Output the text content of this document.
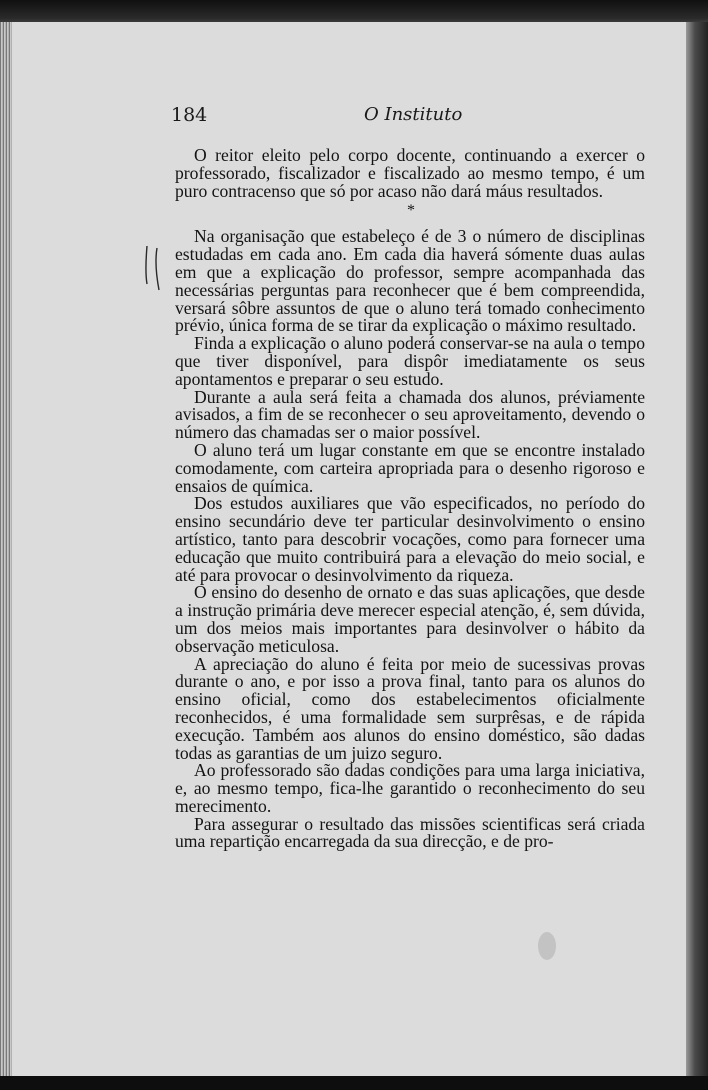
184	O Instituto

O reitor eleito pelo corpo docente, continuando a exercer o professorado, fiscalizador e fiscalizado ao mesmo tempo, é um puro contracenso que só por acaso não dará máus resultados.

*

Na organisação que estabeleço é de 3 o número de disciplinas estudadas em cada ano. Em cada dia haverá sómente duas aulas em que a explicação do professor, sempre acompanhada das necessárias perguntas para reconhecer que é bem compreendida, versará sôbre assuntos de que o aluno terá tomado conhecimento prévio, única forma de se tirar da explicação o máximo resultado.

Finda a explicação o aluno poderá conservar-se na aula o tempo que tiver disponível, para dispôr imediatamente os seus apontamentos e preparar o seu estudo.

Durante a aula será feita a chamada dos alunos, préviamente avisados, a fim de se reconhecer o seu aproveitamento, devendo o número das chamadas ser o maior possível.

O aluno terá um lugar constante em que se encontre instalado comodamente, com carteira apropriada para o desenho rigoroso e ensaios de química.

Dos estudos auxiliares que vão especificados, no período do ensino secundário deve ter particular desinvolvimento o ensino artístico, tanto para descobrir vocações, como para fornecer uma educação que muito contribuirá para a elevação do meio social, e até para provocar o desinvolvimento da riqueza.

O ensino do desenho de ornato e das suas aplicações, que desde a instrução primária deve merecer especial atenção, é, sem dúvida, um dos meios mais importantes para desinvolver o hábito da observação meticulosa.

A apreciação do aluno é feita por meio de sucessivas provas durante o ano, e por isso a prova final, tanto para os alunos do ensino oficial, como dos estabelecimentos oficialmente reconhecidos, é uma formalidade sem surprêsas, e de rápida execução. Também aos alunos do ensino doméstico, são dadas todas as garantias de um juizo seguro.

Ao professorado são dadas condições para uma larga iniciativa, e, ao mesmo tempo, fica-lhe garantido o reconhecimento do seu merecimento.

Para assegurar o resultado das missões scientificas será criada uma repartição encarregada da sua direcção, e de pro-
